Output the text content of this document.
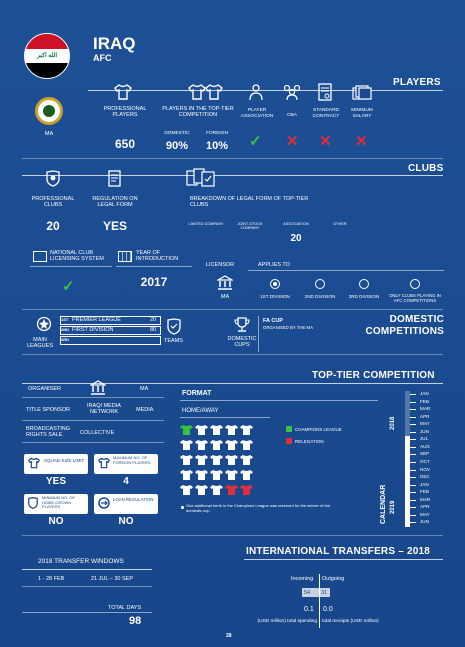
الله اكبر
IRAQ
AFC
MA
PLAYERS
PROFESSIONAL PLAYERS
650
PLAYERS IN THE TOP-TIER COMPETITION
DOMESTIC	FOREIGN
90%	10%
PLAYER ASSOCIATION
✓
CBA
✕
STANDARD CONTRACT
✕
MINIMUM SALARY
✕
CLUBS
PROFESSIONAL CLUBS
20
REGULATION ON LEGAL FORM
YES
BREAKDOWN OF LEGAL FORM OF TOP-TIER CLUBS
LIMITED COMPANY	JOINT-STOCK COMPANY
ASSOCIATION	OTHER
20
NATIONAL CLUB LICENSING SYSTEM
✓
YEAR OF INTRODUCTION
2017
LICENSOR
MA
APPLIES TO
1ST DIVISION	2ND DIVISION	3RD DIVISION	ONLY CLUBS PLAYING IN AFC COMPETITIONS
MAIN LEAGUES
1ST PREMIER LEAGUE	20
2ND FIRST DIVISION	80
3RD	TEAMS	DOMESTIC CUPS
FA CUP
ORGANISED BY THE MA
DOMESTIC COMPETITIONS
TOP-TIER COMPETITION
ORGANISER	MA
TITLE SPONSOR
IRAQI MEDIA NETWORK	MEDIA
BROADCASTING RIGHTS SALE	COLLECTIVE
SQUAD-SIZE LIMIT
YES
MAXIMUM NO. OF FOREIGN PLAYERS
4
MINIMUM NO. OF HOME-GROWN PLAYERS
NO
LOAN REGULATION
NO
FORMAT
HOME/AWAY
CHAMPIONS LEAGUE
RELEGATION
One additional berth in the Champions League was reserved for the winner of the domestic cup
JAN
FEB
MAR
APR
MAY
JUN
JUL
AUG
SEP
OCT
NOV
DEC
JAN
FEB
MAR
APR
MAY
JUN
2018
2019
CALENDAR
INTERNATIONAL TRANSFERS – 2018
2018 TRANSFER WINDOWS
1 - 28 FEB	21 JUL – 30 SEP
TOTAL DAYS
98
Incoming Outgoing
54 31
0.1 0.0
(USD million) total spending total receipts (USD million)
28
